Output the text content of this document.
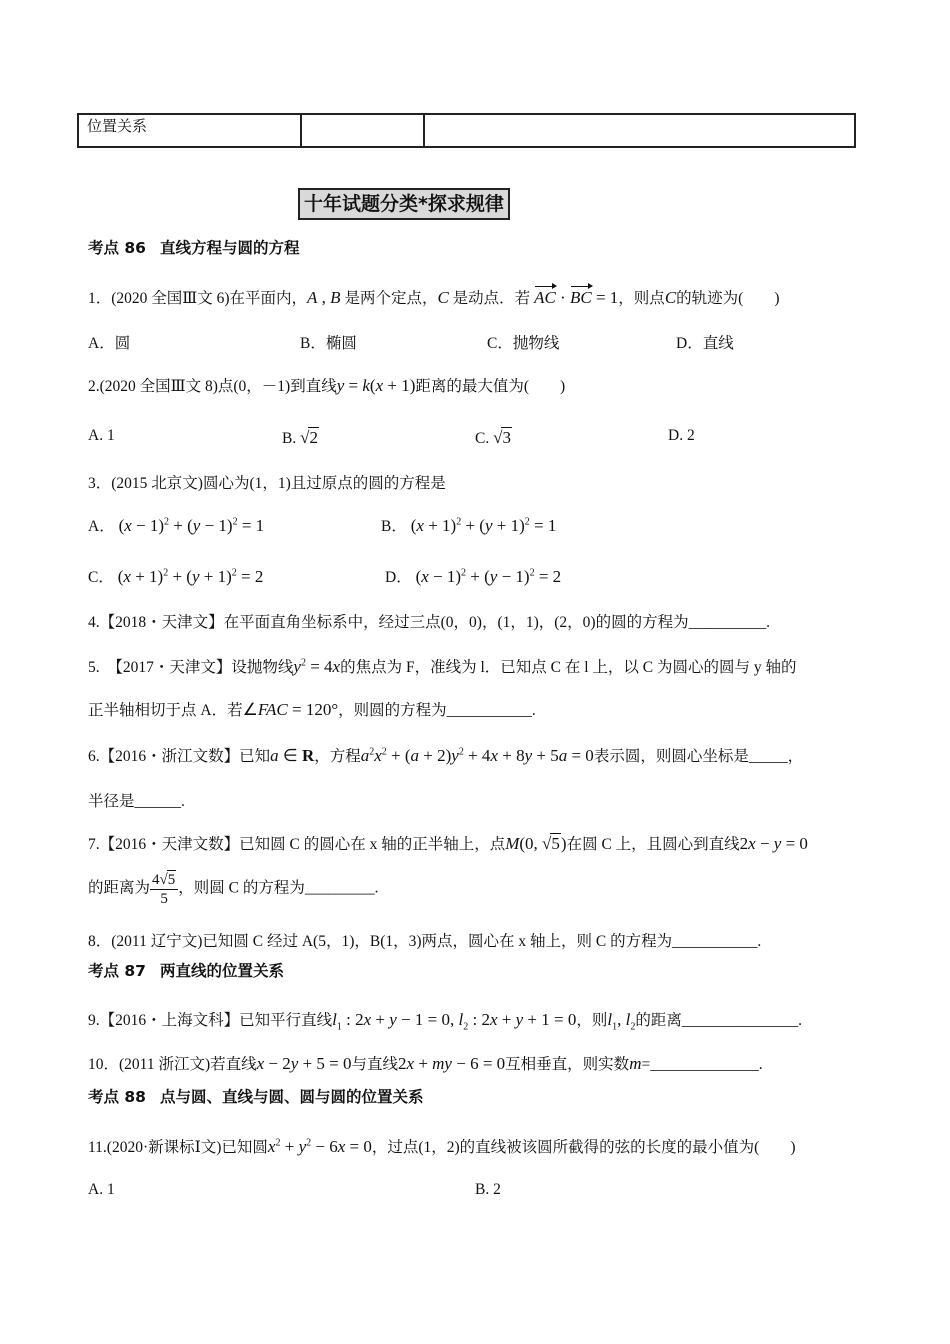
位置关系		
十年试题分类*探求规律
考点 86 直线方程与圆的方程
1．(2020 全国Ⅲ文 6)在平面内，A , B 是两个定点，C 是动点．若 AC · BC = 1，则点C的轨迹为(　　)
A．圆	B．椭圆	C．抛物线	D．直线
2.(2020 全国Ⅲ文 8)点(0，－1)到直线y = k(x + 1)距离的最大值为(　　)
A. 1	B. √2	C. √3	D. 2
3．(2015 北京文)圆心为(1，1)且过原点的圆的方程是
A． $(x - 1)^2 + (y - 1)^2 = 1$	B． $(x + 1)^2 + (y + 1)^2 = 1$
C． $(x + 1)^2 + (y + 1)^2 = 2$	D． $(x - 1)^2 + (y - 1)^2 = 2$
4.【2018・天津文】在平面直角坐标系中，经过三点(0，0)，(1，1)，(2，0)的圆的方程为__________.
5.　【2017・天津文】设抛物线$y^2 = 4x$的焦点为 F，准线为 l．已知点 C 在 l 上，以 C 为圆心的圆与 y 轴的
正半轴相切于点 A．若∠FAC = 120°，则圆的方程为___________.
6.【2016・浙江文数】已知a ∈ R，方程$a^2x^2 + (a + 2)y^2 + 4x + 8y + 5a = 0$表示圆，则圆心坐标是_____，
半径是______.
7.【2016・天津文数】已知圆 C 的圆心在 x 轴的正半轴上，点M(0, √5)在圆 C 上，且圆心到直线2x − y = 0
的距离为 $\frac{4√5}{5}$ ，则圆 C 的方程为_________.
8．(2011 辽宁文)已知圆 C 经过 A(5，1)，B(1，3)两点，圆心在 x 轴上，则 C 的方程为___________.
考点 87 两直线的位置关系
9.【2016・上海文科】已知平行直线$l_1$ : 2x + y − 1 = 0, $l_2$ : 2x + y + 1 = 0，则$l_1$, $l_2$的距离_______________.
10．(2011 浙江文)若直线x − 2y + 5 = 0与直线2x + my − 6 = 0互相垂直，则实数m=______________.
考点 88 点与圆、直线与圆、圆与圆的位置关系
11.(2020·新课标Ⅰ文)已知圆$x^2 + y^2 - 6x = 0$，过点(1，2)的直线被该圆所截得的弦的长度的最小值为(　　)
A. 1	B. 2
